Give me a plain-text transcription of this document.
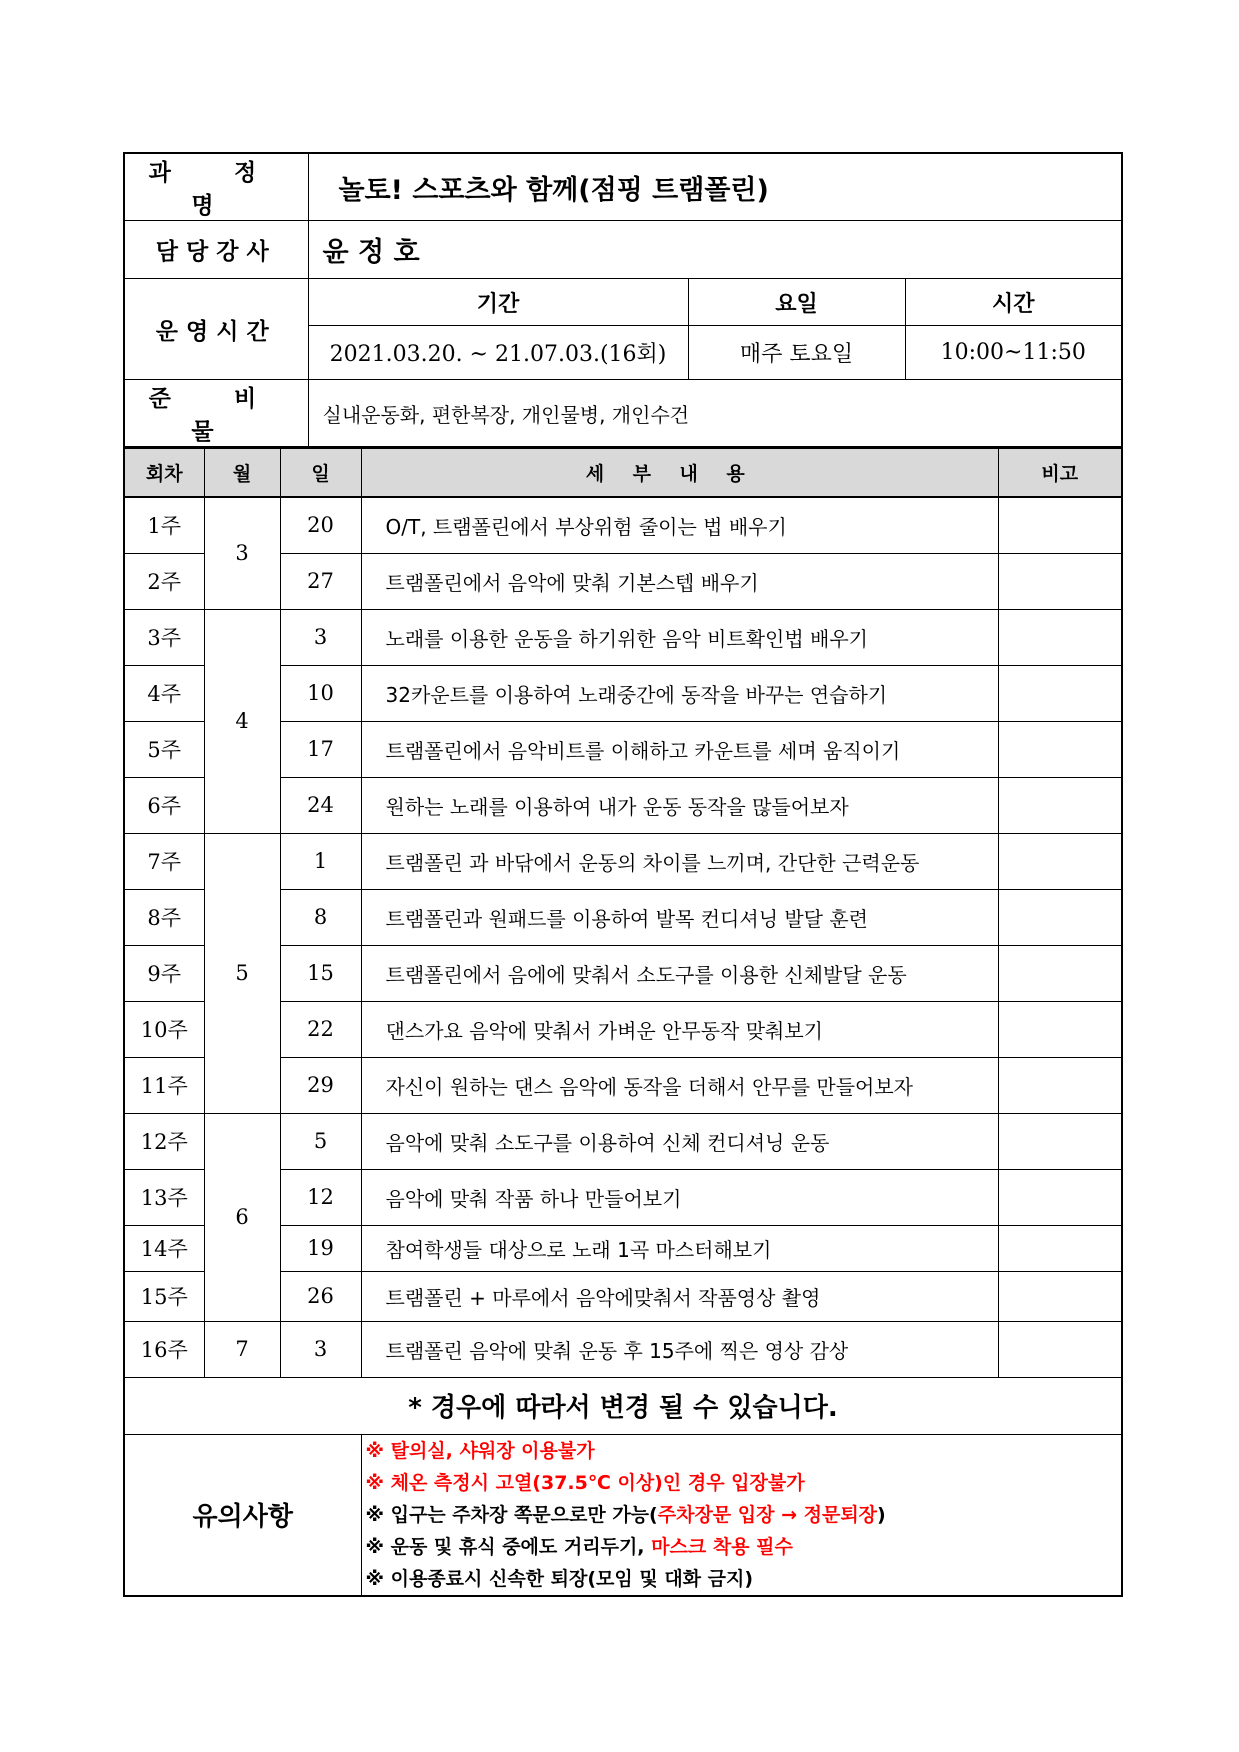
과 정 명	놀토! 스포츠와 함께(점핑 트램폴린)		
담당강사	윤정호		
운영시간	기간	요일	시간
	2021.03.20. ~ 21.07.03.(16회)	매주 토요일	10:00~11:50
준 비 물	실내운동화, 편한복장, 개인물병, 개인수건		
회차	월	일	세부내용	비고
1주	3	20	O/T, 트램폴린에서 부상위험 줄이는 법 배우기	
2주		27	트램폴린에서 음악에 맞춰 기본스텝 배우기	
3주	4	3	노래를 이용한 운동을 하기위한 음악 비트확인법 배우기	
4주		10	32카운트를 이용하여 노래중간에 동작을 바꾸는 연습하기	
5주		17	트램폴린에서 음악비트를 이해하고 카운트를 세며 움직이기	
6주		24	원하는 노래를 이용하여 내가 운동 동작을 많들어보자	
7주	5	1	트램폴린 과 바닦에서 운동의 차이를 느끼며, 간단한 근력운동	
8주		8	트램폴린과 원패드를 이용하여 발목 컨디셔닝 발달 훈련	
9주		15	트램폴린에서 음에에 맞춰서 소도구를 이용한 신체발달 운동	
10주		22	댄스가요 음악에 맞춰서 가벼운 안무동작 맞춰보기	
11주		29	자신이 원하는 댄스 음악에 동작을 더해서 안무를 만들어보자	
12주	6	5	음악에 맞춰 소도구를 이용하여 신체 컨디셔닝 운동	
13주		12	음악에 맞춰 작품 하나 만들어보기	
14주		19	참여학생들 대상으로 노래 1곡 마스터해보기	
15주		26	트램폴린 + 마루에서 음악에맞춰서 작품영상 촬영	
16주	7	3	트램폴린 음악에 맞춰 운동 후 15주에 찍은 영상 감상	
* 경우에 따라서 변경 될 수 있습니다.				
유의사항			※ 탈의실, 샤워장 이용불가
※ 체온 측정시 고열(37.5℃ 이상)인 경우 입장불가
※ 입구는 주차장 쪽문으로만 가능(주차장문 입장 → 정문퇴장)
※ 운동 및 휴식 중에도 거리두기, 마스크 착용 필수
※ 이용종료시 신속한 퇴장(모임 및 대화 금지)	
